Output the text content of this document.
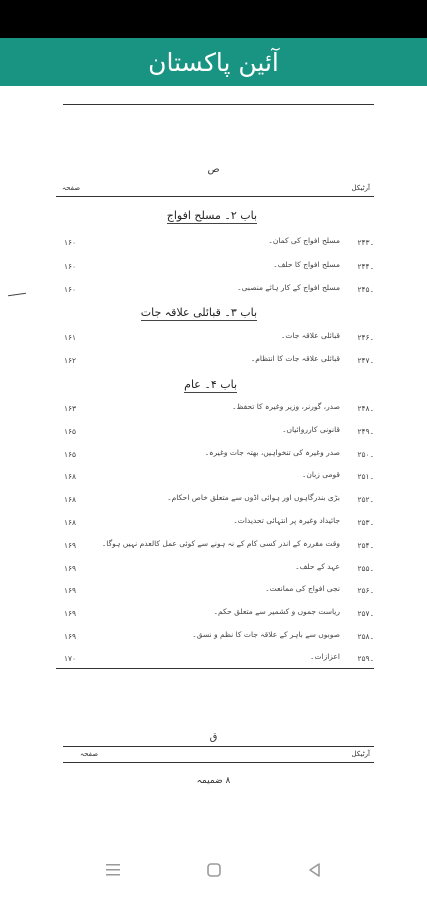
آئین پاکستان
ص
آرٹیکل
صفحہ
باب ۲۔ مسلح افواج
۲۴۳۔
مسلح افواج کی کمان۔
۱۶۰
۲۴۴۔
مسلح افواج کا حلف۔
۱۶۰
۲۴۵۔
مسلح افواج کے کار ہائے منصبی۔
۱۶۰
باب ۳۔ قبائلی علاقہ جات
۲۴۶۔
قبائلی علاقہ جات۔
۱۶۱
۲۴۷۔
قبائلی علاقہ جات کا انتظام۔
۱۶۲
باب ۴۔ عام
۲۴۸۔
صدر، گورنر، وزیر وغیرہ کا تحفظ۔
۱۶۳
۲۴۹۔
قانونی کارروائیاں۔
۱۶۵
۲۵۰۔
صدر وغیرہ کی تنخواہیں، بھتہ جات وغیرہ۔
۱۶۵
۲۵۱۔
قومی زبان۔
۱۶۸
۲۵۲۔
بڑی بندرگاہوں اور ہوائی اڈوں سے متعلق خاص احکام۔
۱۶۸
۲۵۳۔
جائیداد وغیرہ پر انتہائی تحدیدات۔
۱۶۸
۲۵۴۔
وقت مقررہ کے اندر کسی کام کے نہ ہونے سے کوئی عمل کالعدم نہیں ہوگا۔
۱۶۹
۲۵۵۔
عہد کے حلف۔
۱۶۹
۲۵۶۔
نجی افواج کی ممانعت۔
۱۶۹
۲۵۷۔
ریاست جموں و کشمیر سے متعلق حکم۔
۱۶۹
۲۵۸۔
صوبوں سے باہر کے علاقہ جات کا نظم و نسق۔
۱۶۹
۲۵۹۔
اعزازات۔
۱۷۰
ق
آرٹیکل
صفحہ
۸ ضمیمہ
